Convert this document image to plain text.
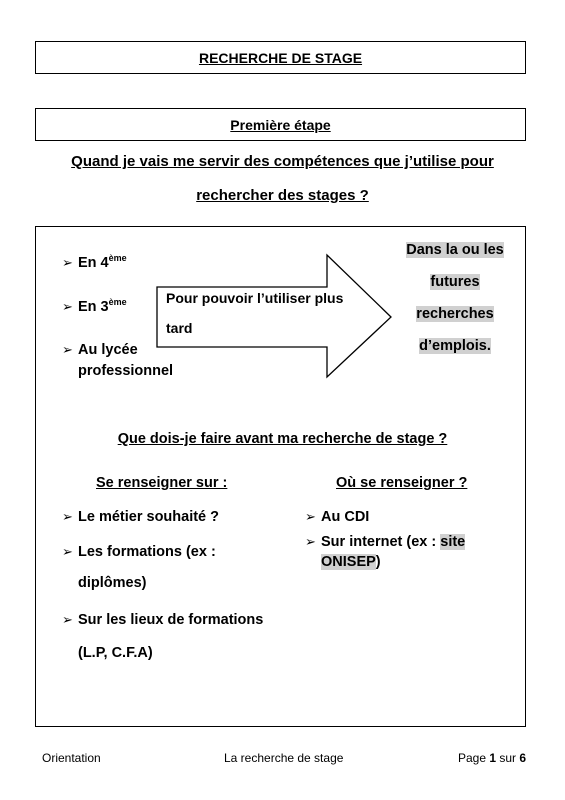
RECHERCHE DE STAGE
Première étape
Quand je vais me servir des compétences que j’utilise pour
rechercher des stages ?
➢ En 4ème
➢ En 3ème
➢ Au lycée
professionnel
Pour pouvoir l’utiliser plus
tard
Dans la ou les
futures
recherches
d’emplois.
Que dois-je faire avant ma recherche de stage ?
Se renseigner sur :
➢ Le métier souhaité ?
➢ Les formations (ex :
diplômes)
➢ Sur les lieux de formations
(L.P, C.F.A)
Où se renseigner ?
➢ Au CDI
➢ Sur internet (ex : site
ONISEP)
Orientation	La recherche de stage	Page 1 sur 6
